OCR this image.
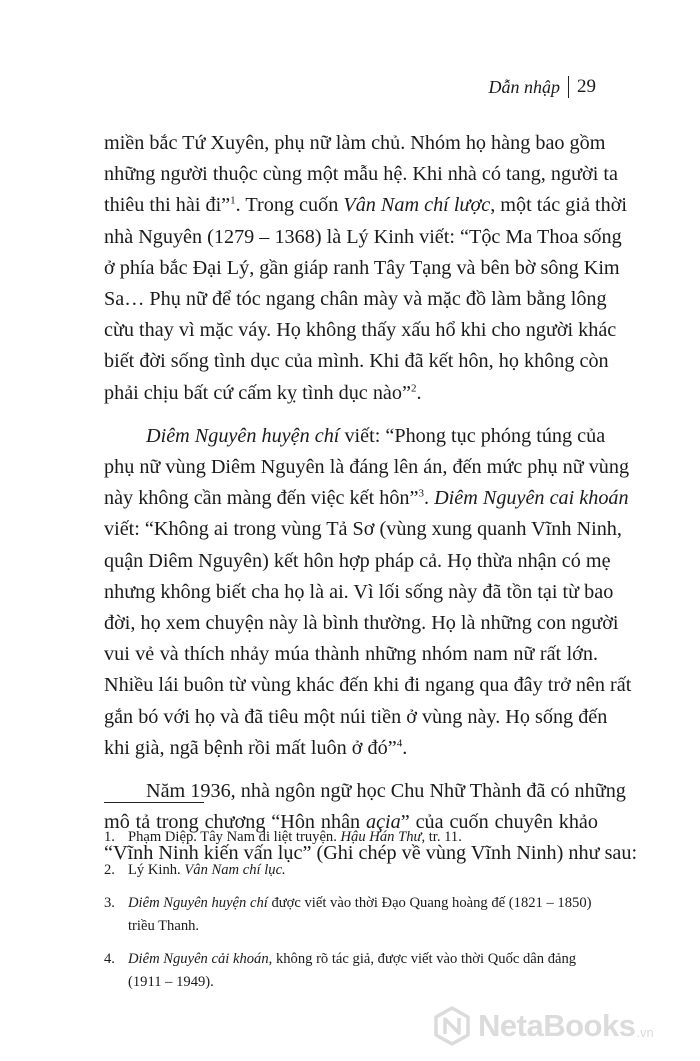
Dẫn nhập 29
miền bắc Tứ Xuyên, phụ nữ làm chủ. Nhóm họ hàng bao gồm
những người thuộc cùng một mẫu hệ. Khi nhà có tang, người ta
thiêu thi hài đi”$^1$. Trong cuốn Vân Nam chí lược, một tác giả thời
nhà Nguyên (1279 – 1368) là Lý Kinh viết: “Tộc Ma Thoa sống
ở phía bắc Đại Lý, gần giáp ranh Tây Tạng và bên bờ sông Kim
Sa… Phụ nữ để tóc ngang chân mày và mặc đồ làm bằng lông
cừu thay vì mặc váy. Họ không thấy xấu hổ khi cho người khác
biết đời sống tình dục của mình. Khi đã kết hôn, họ không còn
phải chịu bất cứ cấm kỵ tình dục nào”$^2$.
Diêm Nguyên huyện chí viết: “Phong tục phóng túng của
phụ nữ vùng Diêm Nguyên là đáng lên án, đến mức phụ nữ vùng
này không cần màng đến việc kết hôn”$^3$. Diêm Nguyên cai khoán
viết: “Không ai trong vùng Tả Sơ (vùng xung quanh Vĩnh Ninh,
quận Diêm Nguyên) kết hôn hợp pháp cả. Họ thừa nhận có mẹ
nhưng không biết cha họ là ai. Vì lối sống này đã tồn tại từ bao
đời, họ xem chuyện này là bình thường. Họ là những con người
vui vẻ và thích nhảy múa thành những nhóm nam nữ rất lớn.
Nhiều lái buôn từ vùng khác đến khi đi ngang qua đây trở nên rất
gắn bó với họ và đã tiêu một núi tiền ở vùng này. Họ sống đến
khi già, ngã bệnh rồi mất luôn ở đó”$^4$.
Năm 1936, nhà ngôn ngữ học Chu Nhữ Thành đã có những
mô tả trong chương “Hôn nhân açia” của cuốn chuyên khảo
“Vĩnh Ninh kiến vấn lục” (Ghi chép về vùng Vĩnh Ninh) như sau:
1. Phạm Diệp. Tây Nam di liệt truyện. Hậu Hán Thư, tr. 11.
2. Lý Kinh. Vân Nam chí lục.
3. Diêm Nguyên huyện chí được viết vào thời Đạo Quang hoàng đế (1821 – 1850)
triều Thanh.
4. Diêm Nguyên cải khoán, không rõ tác giả, được viết vào thời Quốc dân đảng
(1911 – 1949).
NetaBooks .vn
